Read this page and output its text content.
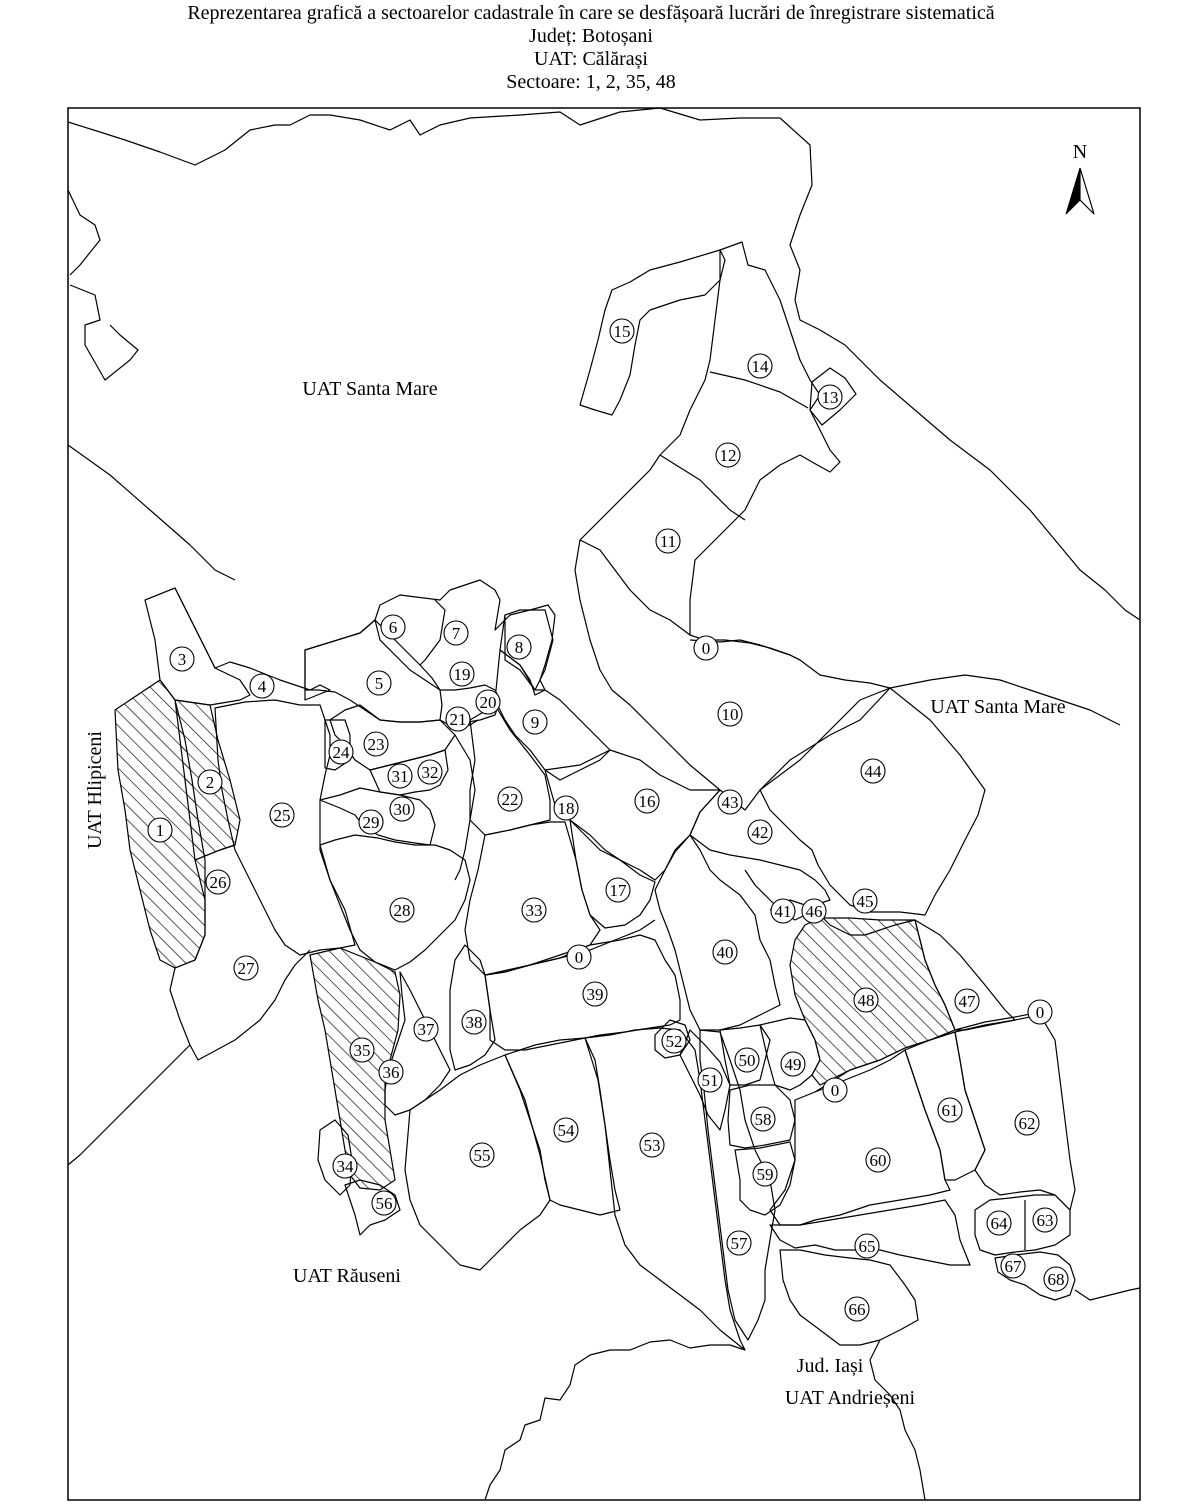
Reprezentarea grafică a sectoarelor cadastrale în care se desfășoară lucrări de înregistrare sistematică
Județ: Botoșani
UAT: Călărași
Sectoare: 1, 2, 35, 48
N
UAT Santa Mare
UAT Santa Mare
UAT Hlipiceni
UAT Răuseni
Jud. Iași
UAT Andrieșeni
1
2
3
4	5
6	7
8
9	10
11
12
13
14
15
16
17
18
19
20
21
22
23
24
25
26
27
28
29
30
31 32
33
34
35
36
37 38
39
40
41
42
43
44
45
46
47
48
49
50
51
52
53
54
55
56
57
58
59
60
61
62
63
64
65
66
67
68
0
0
0
0
